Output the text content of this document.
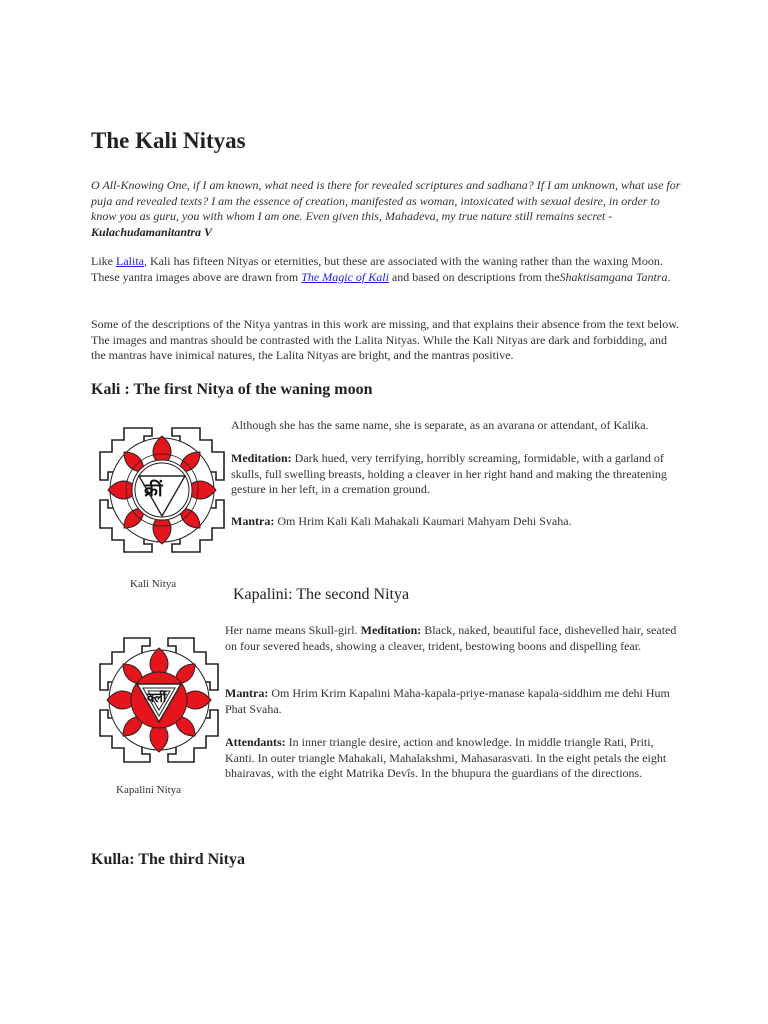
The Kali Nityas
O All-Knowing One, if I am known, what need is there for revealed scriptures and sadhana? If I am unknown, what use for puja and revealed texts? I am the essence of creation, manifested as woman, intoxicated with sexual desire, in order to know you as guru, you with whom I am one. Even given this, Mahadeva, my true nature still remains secret -Kulachudamanitantra V
Like Lalita, Kali has fifteen Nityas or eternities, but these are associated with the waning rather than the waxing Moon. These yantra images above are drawn from The Magic of Kali and based on descriptions from theShaktisamgana Tantra.
Some of the descriptions of the Nitya yantras in this work are missing, and that explains their absence from the text below. The images and mantras should be contrasted with the Lalita Nityas. While the Kali Nityas are dark and forbidding, and the mantras have inimical natures, the Lalita Nityas are bright, and the mantras positive.
Kali : The first Nitya of the waning moon
क्रीं
Kali Nitya
Although she has the same name, she is separate, as an avarana or attendant, of Kalika.
Meditation: Dark hued, very terrifying, horribly screaming, formidable, with a garland of skulls, full swelling breasts, holding a cleaver in her right hand and making the threatening gesture in her left, in a cremation ground.
Mantra: Om Hrim Kali Kali Mahakali Kaumari Mahyam Dehi Svaha.
Kapalini: The second Nitya
क्लीं
Kapalini Nitya
Her name means Skull-girl. Meditation: Black, naked, beautiful face, dishevelled hair, seated on four severed heads, showing a cleaver, trident, bestowing boons and dispelling fear.
Mantra: Om Hrim Krim Kapalini Maha-kapala-priye-manase kapala-siddhim me dehi Hum Phat Svaha.
Attendants: In inner triangle desire, action and knowledge. In middle triangle Rati, Priti, Kanti. In outer triangle Mahakali, Mahalakshmi, Mahasarasvati. In the eight petals the eight bhairavas, with the eight Matrika Devîs. In the bhupura the guardians of the directions.
Kulla: The third Nitya
